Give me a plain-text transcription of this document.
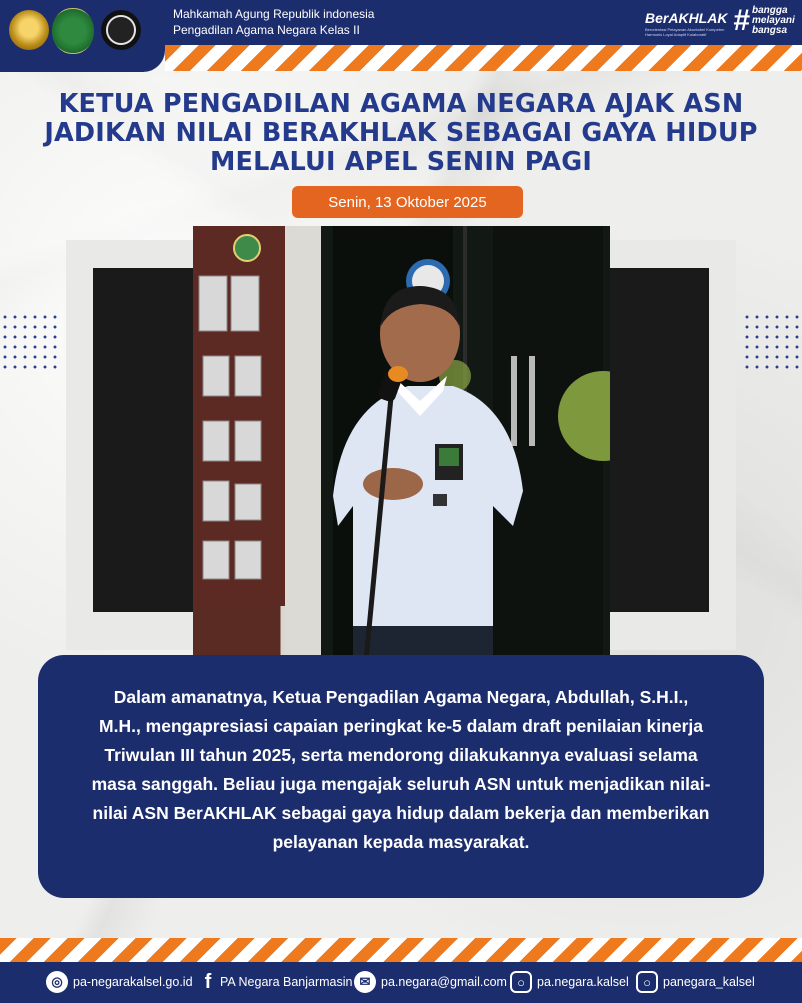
Mahkamah Agung Republik indonesia
Pengadilan Agama Negara Kelas II
BerAKHLAK
Berorientasi Pelayanan Akuntabel Kompeten Harmonis Loyal Adaptif Kolaboratif # bangga
melayani
bangsa
KETUA PENGADILAN AGAMA NEGARA AJAK ASN
JADIKAN NILAI BERAKHLAK SEBAGAI GAYA HIDUP
MELALUI APEL SENIN PAGI
Senin, 13 Oktober 2025
Dalam amanatnya, Ketua Pengadilan Agama Negara, Abdullah, S.H.I.,
M.H., mengapresiasi capaian peringkat ke-5 dalam draft penilaian kinerja
Triwulan III tahun 2025, serta mendorong dilakukannya evaluasi selama
masa sanggah. Beliau juga mengajak seluruh ASN untuk menjadikan nilai-
nilai ASN BerAKHLAK sebagai gaya hidup dalam bekerja dan memberikan
pelayanan kepada masyarakat.
◎ pa-negarakalsel.go.id f PA Negara Banjarmasin ✉ pa.negara@gmail.com ○ pa.negara.kalsel	○ panegara_kalsel
